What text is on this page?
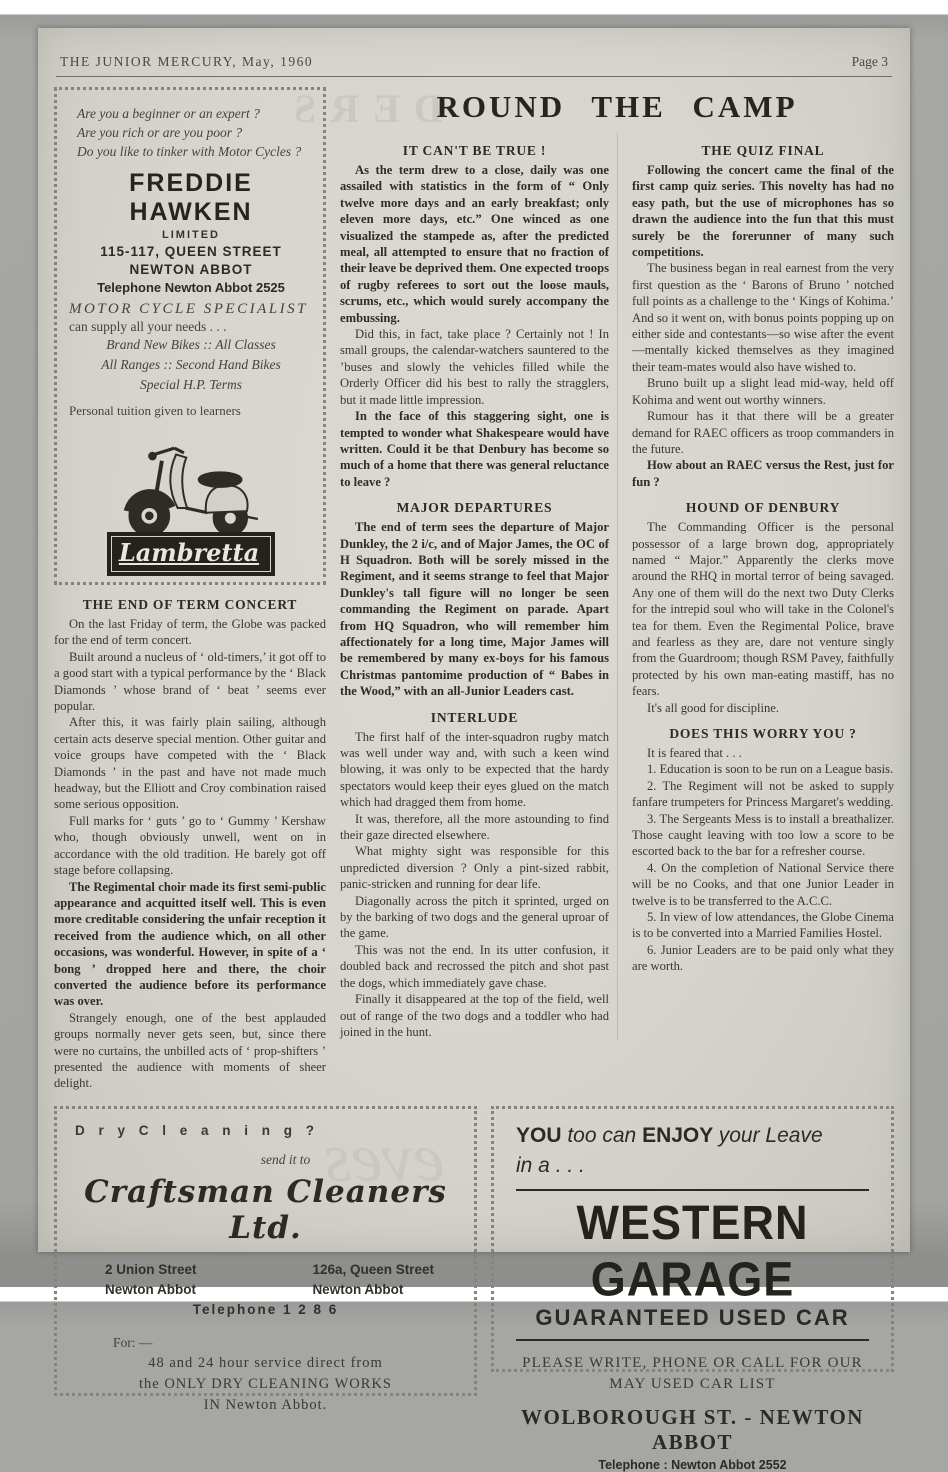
THE JUNIOR MERCURY, May, 1960	Page 3
Are you a beginner or an expert ?
Are you rich or are you poor ?
Do you like to tinker with Motor Cycles ?
FREDDIE HAWKEN
LIMITED
115-117, QUEEN STREET
NEWTON ABBOT
Telephone Newton Abbot 2525
MOTOR CYCLE SPECIALIST
can supply all your needs . . .
Brand New Bikes :: All Classes
All Ranges :: Second Hand Bikes
Special H.P. Terms
Personal tuition given to learners
Lambretta
THE END OF TERM CONCERT

On the last Friday of term, the Globe was packed for the end of term concert.

Built around a nucleus of ‘ old-timers,’ it got off to a good start with a typical performance by the ‘ Black Diamonds ’ whose brand of ‘ beat ’ seems ever popular.

After this, it was fairly plain sailing, although certain acts deserve special mention. Other guitar and voice groups have competed with the ‘ Black Diamonds ’ in the past and have not made much headway, but the Elliott and Croy combination raised some serious opposition.

Full marks for ‘ guts ’ go to ‘ Gummy ’ Kershaw who, though obviously unwell, went on in accordance with the old tradition. He barely got off stage before collapsing.

The Regimental choir made its first semi-public appearance and acquitted itself well. This is even more creditable considering the unfair reception it received from the audience which, on all other occasions, was wonderful. However, in spite of a ‘ bong ’ dropped here and there, the choir converted the audience before its performance was over.

Strangely enough, one of the best applauded groups normally never gets seen, but, since there were no curtains, the unbilled acts of ‘ prop-shifters ’ presented the audience with moments of sheer delight.

DERS
ROUND THE CAMP
IT CAN'T BE TRUE !

As the term drew to a close, daily was one assailed with statistics in the form of “ Only twelve more days and an early breakfast; only eleven more days, etc.” One winced as one visualized the stampede as, after the predicted meal, all attempted to ensure that no fraction of their leave be deprived them. One expected troops of rugby referees to sort out the loose mauls, scrums, etc., which would surely accompany the embussing.

Did this, in fact, take place ? Certainly not ! In small groups, the calendar-watchers sauntered to the ’buses and slowly the vehicles filled while the Orderly Officer did his best to rally the stragglers, but it made little impression.

In the face of this staggering sight, one is tempted to wonder what Shakespeare would have written. Could it be that Denbury has become so much of a home that there was general reluctance to leave ?

MAJOR DEPARTURES

The end of term sees the departure of Major Dunkley, the 2 i/c, and of Major James, the OC of H Squadron. Both will be sorely missed in the Regiment, and it seems strange to feel that Major Dunkley's tall figure will no longer be seen commanding the Regiment on parade. Apart from HQ Squadron, who will remember him affectionately for a long time, Major James will be remembered by many ex-boys for his famous Christmas pantomime production of “ Babes in the Wood,” with an all-Junior Leaders cast.

INTERLUDE

The first half of the inter-squadron rugby match was well under way and, with such a keen wind blowing, it was only to be expected that the hardy spectators would keep their eyes glued on the match which had dragged them from home.

It was, therefore, all the more astounding to find their gaze directed elsewhere.

What mighty sight was responsible for this unpredicted diversion ? Only a pint-sized rabbit, panic-stricken and running for dear life.

Diagonally across the pitch it sprinted, urged on by the barking of two dogs and the general uproar of the game.

This was not the end. In its utter confusion, it doubled back and recrossed the pitch and shot past the dogs, which immediately gave chase.

Finally it disappeared at the top of the field, well out of range of the two dogs and a toddler who had joined in the hunt.

THE QUIZ FINAL

Following the concert came the final of the first camp quiz series. This novelty has had no easy path, but the use of microphones has so drawn the audience into the fun that this must surely be the forerunner of many such competitions.

The business began in real earnest from the very first question as the ‘ Barons of Bruno ’ notched full points as a challenge to the ‘ Kings of Kohima.’ And so it went on, with bonus points popping up on either side and contestants—so wise after the event—mentally kicked themselves as they imagined their team-mates would also have wished to.

Bruno built up a slight lead mid-way, held off Kohima and went out worthy winners.

Rumour has it that there will be a greater demand for RAEC officers as troop commanders in the future.

How about an RAEC versus the Rest, just for fun ?

HOUND OF DENBURY

The Commanding Officer is the personal possessor of a large brown dog, appropriately named “ Major.” Apparently the clerks move around the RHQ in mortal terror of being savaged. Any one of them will do the next two Duty Clerks for the intrepid soul who will take in the Colonel's tea for them. Even the Regimental Police, brave and fearless as they are, dare not venture singly from the Guardroom; though RSM Pavey, faithfully protected by his own man-eating mastiff, has no fears.

It's all good for discipline.

DOES THIS WORRY YOU ?

It is feared that . . .

1. Education is soon to be run on a League basis.

2. The Regiment will not be asked to supply fanfare trumpeters for Princess Margaret's wedding.

3. The Sergeants Mess is to install a breathalizer. Those caught leaving with too low a score to be escorted back to the bar for a refresher course.

4. On the completion of National Service there will be no Cooks, and that one Junior Leader in twelve is to be transferred to the A.C.C.

5. In view of low attendances, the Globe Cinema is to be converted into a Married Families Hostel.

6. Junior Leaders are to be paid only what they are worth.

eves
D r y C l e a n i n g ?
send it to
Craftsman Cleaners Ltd.
2 Union Street
Newton Abbot
126a, Queen Street
Newton Abbot
Telephone 1 2 8 6
For: —
48 and 24 hour service direct from
the ONLY DRY CLEANING WORKS
IN Newton Abbot.
YOU too can ENJOY your Leave
in a . . .
WESTERN GARAGE
GUARANTEED USED CAR
PLEASE WRITE, PHONE OR CALL FOR OUR
MAY USED CAR LIST
WOLBOROUGH ST. - NEWTON ABBOT
Telephone : Newton Abbot 2552
